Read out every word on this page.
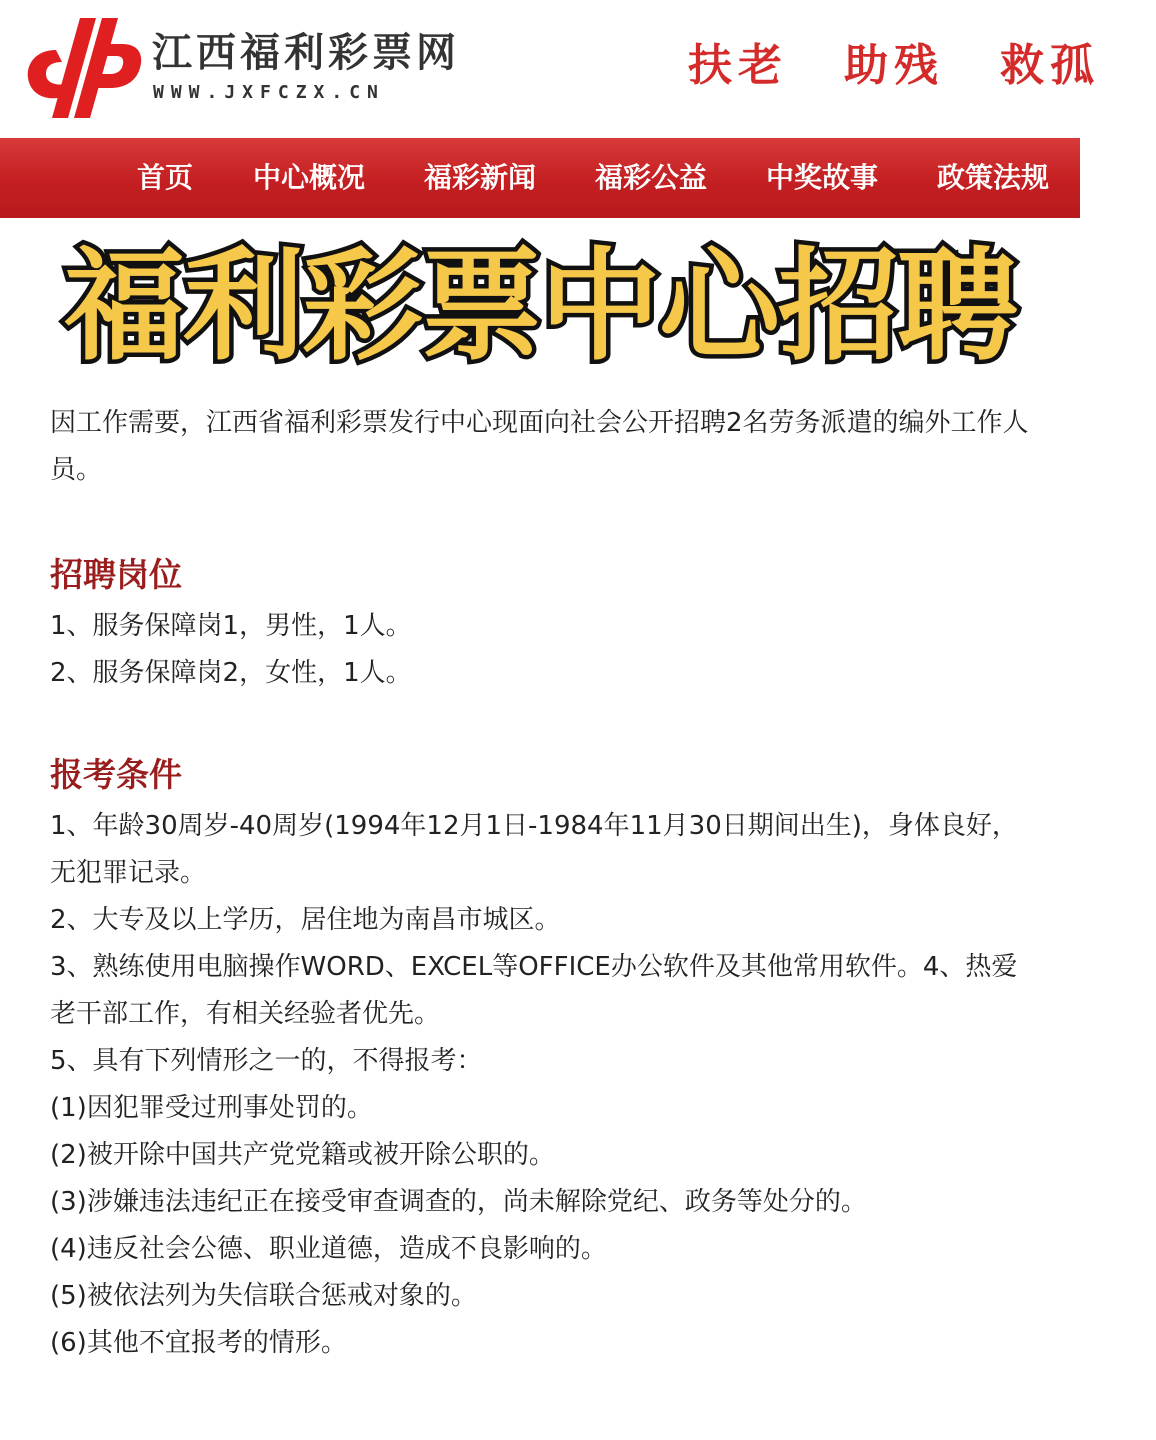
江西福利彩票网
WWW.JXFCZX.CN
扶老 助残 救孤
首页 中心概况 福彩新闻 福彩公益 中奖故事 政策法规
福利彩票中心招聘

因工作需要，江西省福利彩票发行中心现面向社会公开招聘2名劳务派遣的编外工作人员。

招聘岗位

1、服务保障岗1，男性，1人。

2、服务保障岗2，女性，1人。

报考条件

1、年龄30周岁-40周岁(1994年12月1日-1984年11月30日期间出生)，身体良好，无犯罪记录。

2、大专及以上学历，居住地为南昌市城区。

3、熟练使用电脑操作WORD、EXCEL等OFFICE办公软件及其他常用软件。4、热爱老干部工作，有相关经验者优先。

5、具有下列情形之一的，不得报考：

(1)因犯罪受过刑事处罚的。

(2)被开除中国共产党党籍或被开除公职的。

(3)涉嫌违法违纪正在接受审查调查的，尚未解除党纪、政务等处分的。

(4)违反社会公德、职业道德，造成不良影响的。

(5)被依法列为失信联合惩戒对象的。

(6)其他不宜报考的情形。
